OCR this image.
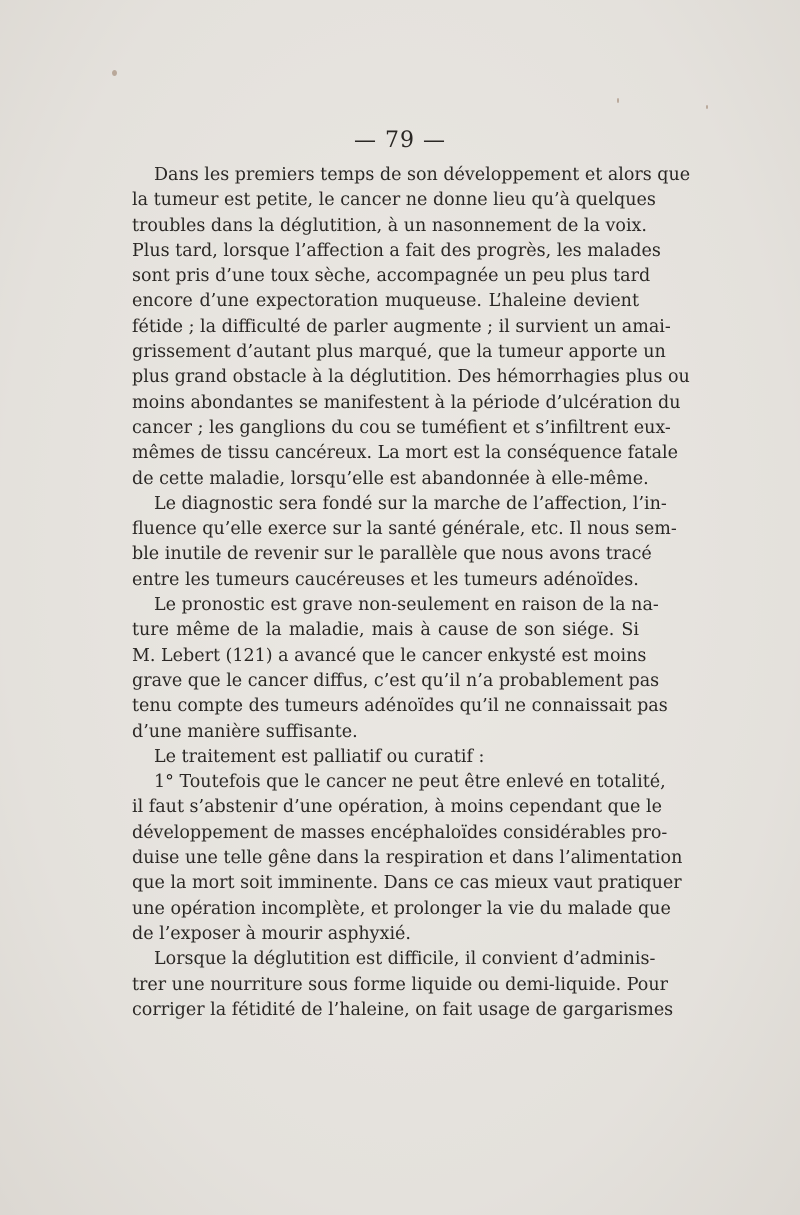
— 79 —
Dans les premiers temps de son développement et alors que
la tumeur est petite, le cancer ne donne lieu qu’à quelques
troubles dans la déglutition, à un nasonnement de la voix.
Plus tard, lorsque l’affection a fait des progrès, les malades
sont pris d’une toux sèche, accompagnée un peu plus tard
encore d’une expectoration muqueuse. L’haleine devient
fétide ; la difficulté de parler augmente ; il survient un amai-
grissement d’autant plus marqué, que la tumeur apporte un
plus grand obstacle à la déglutition. Des hémorrhagies plus ou
moins abondantes se manifestent à la période d’ulcération du
cancer ; les ganglions du cou se tuméfient et s’infiltrent eux-
mêmes de tissu cancéreux. La mort est la conséquence fatale
de cette maladie, lorsqu’elle est abandonnée à elle-même.
Le diagnostic sera fondé sur la marche de l’affection, l’in-
fluence qu’elle exerce sur la santé générale, etc. Il nous sem-
ble inutile de revenir sur le parallèle que nous avons tracé
entre les tumeurs caucéreuses et les tumeurs adénoïdes.
Le pronostic est grave non-seulement en raison de la na-
ture même de la maladie, mais à cause de son siége. Si
M. Lebert (121) a avancé que le cancer enkysté est moins
grave que le cancer diffus, c’est qu’il n’a probablement pas
tenu compte des tumeurs adénoïdes qu’il ne connaissait pas
d’une manière suffisante.
Le traitement est palliatif ou curatif :
1° Toutefois que le cancer ne peut être enlevé en totalité,
il faut s’abstenir d’une opération, à moins cependant que le
développement de masses encéphaloïdes considérables pro-
duise une telle gêne dans la respiration et dans l’alimentation
que la mort soit imminente. Dans ce cas mieux vaut pratiquer
une opération incomplète, et prolonger la vie du malade que
de l’exposer à mourir asphyxié.
Lorsque la déglutition est difficile, il convient d’adminis-
trer une nourriture sous forme liquide ou demi-liquide. Pour
corriger la fétidité de l’haleine, on fait usage de gargarismes
